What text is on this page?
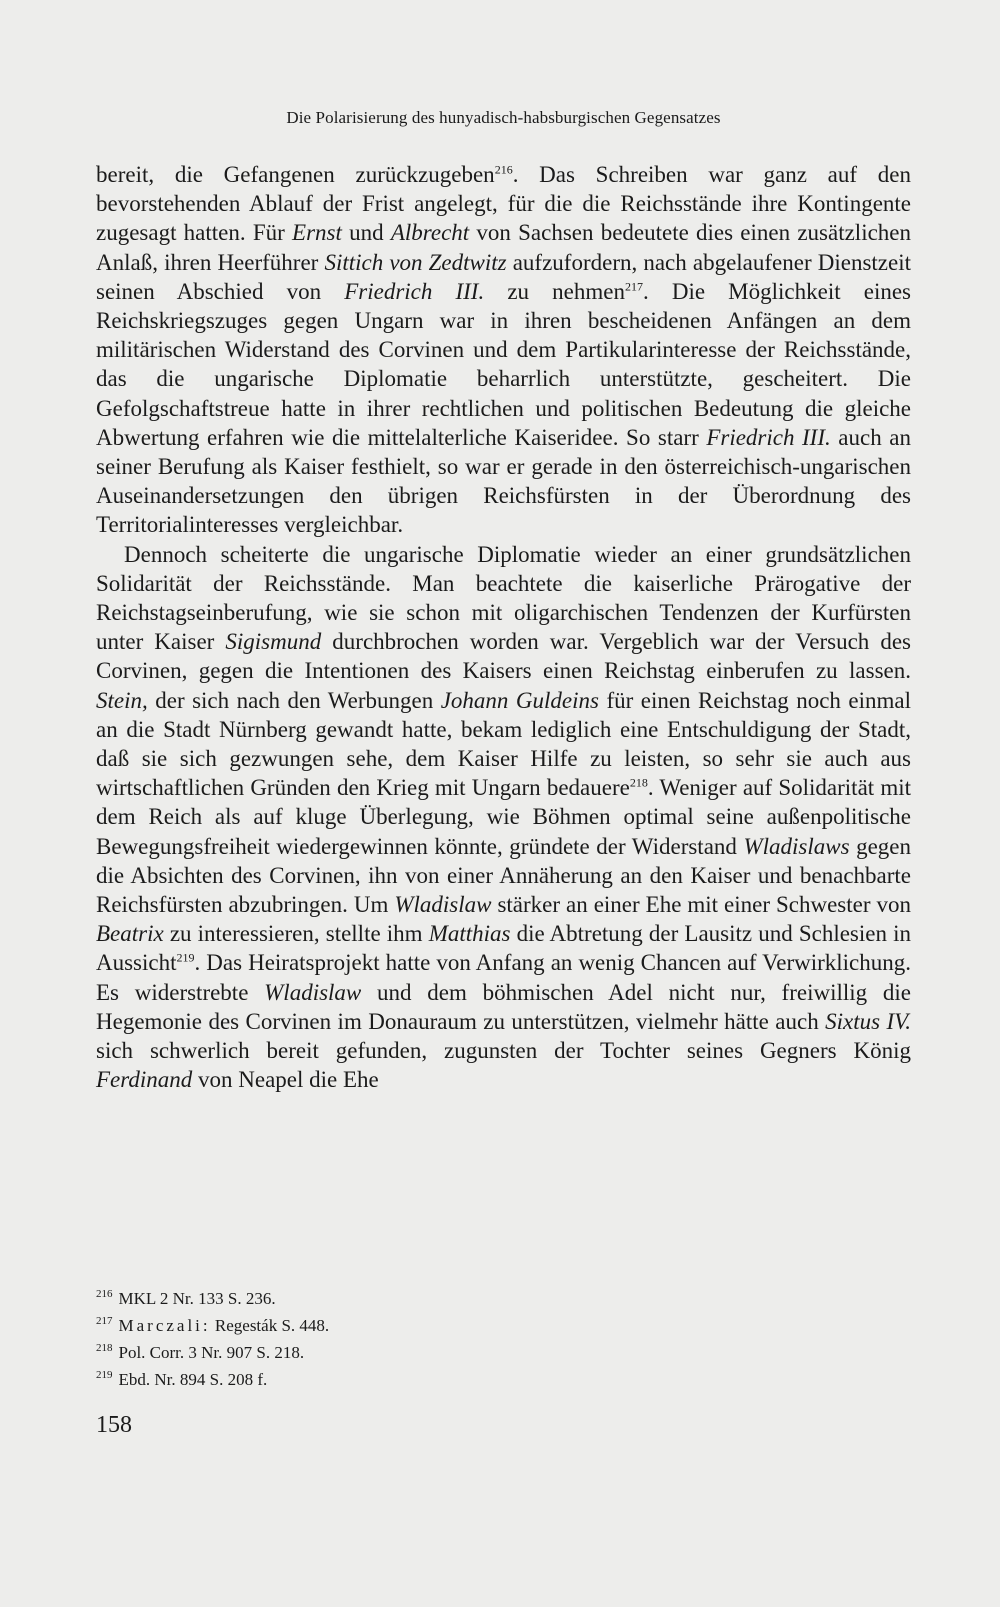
Die Polarisierung des hunyadisch-habsburgischen Gegensatzes

bereit, die Gefangenen zurückzugeben$^{216}$. Das Schreiben war ganz auf den bevorstehenden Ablauf der Frist angelegt, für die die Reichsstände ihre Kontingente zugesagt hatten. Für Ernst und Albrecht von Sachsen bedeutete dies einen zusätzlichen Anlaß, ihren Heerführer Sittich von Zedtwitz aufzufordern, nach abgelaufener Dienstzeit seinen Abschied von Friedrich III. zu nehmen$^{217}$. Die Möglichkeit eines Reichskriegszuges gegen Ungarn war in ihren bescheidenen Anfängen an dem militärischen Widerstand des Corvinen und dem Partikularinteresse der Reichsstände, das die ungarische Diplomatie beharrlich unterstützte, gescheitert. Die Gefolgschaftstreue hatte in ihrer rechtlichen und politischen Bedeutung die gleiche Abwertung erfahren wie die mittelalterliche Kaiseridee. So starr Friedrich III. auch an seiner Berufung als Kaiser festhielt, so war er gerade in den österreichisch-ungarischen Auseinandersetzungen den übrigen Reichsfürsten in der Überordnung des Territorialinteresses vergleichbar.

Dennoch scheiterte die ungarische Diplomatie wieder an einer grundsätzlichen Solidarität der Reichsstände. Man beachtete die kaiserliche Prärogative der Reichstagseinberufung, wie sie schon mit oligarchischen Tendenzen der Kurfürsten unter Kaiser Sigismund durchbrochen worden war. Vergeblich war der Versuch des Corvinen, gegen die Intentionen des Kaisers einen Reichstag einberufen zu lassen. Stein, der sich nach den Werbungen Johann Guldeins für einen Reichstag noch einmal an die Stadt Nürnberg gewandt hatte, bekam lediglich eine Entschuldigung der Stadt, daß sie sich gezwungen sehe, dem Kaiser Hilfe zu leisten, so sehr sie auch aus wirtschaftlichen Gründen den Krieg mit Ungarn bedauere$^{218}$. Weniger auf Solidarität mit dem Reich als auf kluge Überlegung, wie Böhmen optimal seine außenpolitische Bewegungsfreiheit wiedergewinnen könnte, gründete der Widerstand Wladislaws gegen die Absichten des Corvinen, ihn von einer Annäherung an den Kaiser und benachbarte Reichsfürsten abzubringen. Um Wladislaw stärker an einer Ehe mit einer Schwester von Beatrix zu interessieren, stellte ihm Matthias die Abtretung der Lausitz und Schlesien in Aussicht$^{219}$. Das Heiratsprojekt hatte von Anfang an wenig Chancen auf Verwirklichung. Es widerstrebte Wladislaw und dem böhmischen Adel nicht nur, freiwillig die Hegemonie des Corvinen im Donauraum zu unterstützen, vielmehr hätte auch Sixtus IV. sich schwerlich bereit gefunden, zugunsten der Tochter seines Gegners König Ferdinand von Neapel die Ehe

$^{216}$ MKL 2 Nr. 133 S. 236.
$^{217}$ Marczali: Regesták S. 448.
$^{218}$ Pol. Corr. 3 Nr. 907 S. 218.
$^{219}$ Ebd. Nr. 894 S. 208 f.
158
